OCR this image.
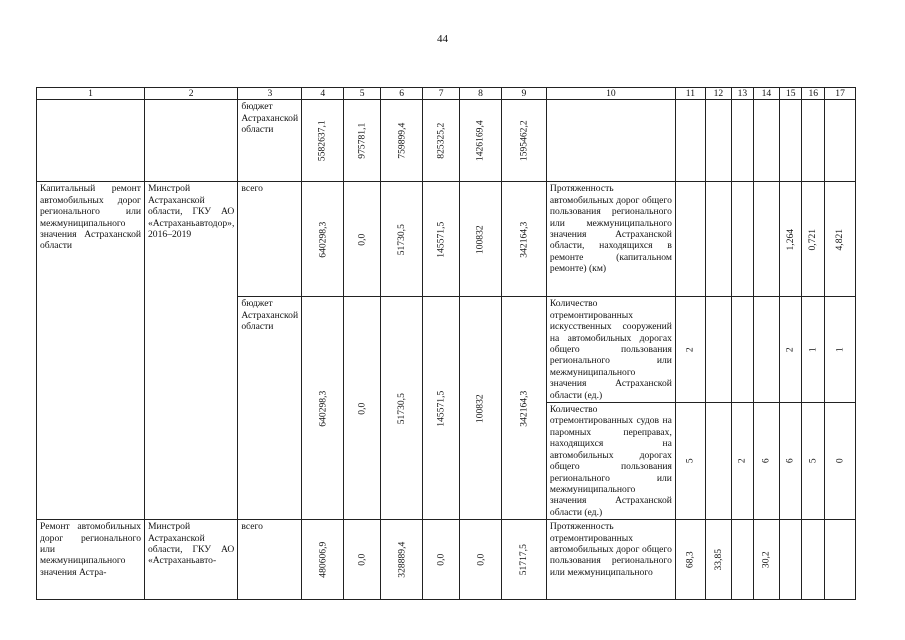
44
1	2	3	4	5	6	7	8	9	10	11	12	13	14	15	16	17
		бюджет Астраханской области	5582637,1	975781,1	759899,4	825325,2	1426169,4	1595462,2								
Капитальный ремонт автомобильных дорог регионального или межмуниципального значения Астраханской области	Минстрой Астраханской области, ГКУ АО «Астраханьавтодор», 2016–2019	всего	640298,3	0,0	51730,5	145571,5	100832	342164,3	Протяженность автомобильных дорог общего пользования регионального или межмуниципального значения Астраханской области, находящихся в ремонте (капитальном ремонте) (км)					1,264	0,721	4,821
		бюджет Астраханской области	640298,3	0,0	51730,5	145571,5	100832	342164,3	Количество отремонтированных искусственных сооружений на автомобильных дорогах общего пользования регионального или межмуниципального значения Астраханской области (ед.)	2				2	1	1
									Количество отремонтированных судов на паромных переправах, находящихся на автомобильных дорогах общего пользования регионального или межмуниципального значения Астраханской области (ед.)	5		2	6	6	5	0
Ремонт автомобильных дорог регионального или межмуниципального значения Астра-	Минстрой Астраханской области, ГКУ АО «Астраханьавто-	всего	480606,9	0,0	328889,4	0,0	0,0	51717,5	Протяженность отремонтированных автомобильных дорог общего пользования регионального или межмуниципального	68,3	33,85		30,2			
